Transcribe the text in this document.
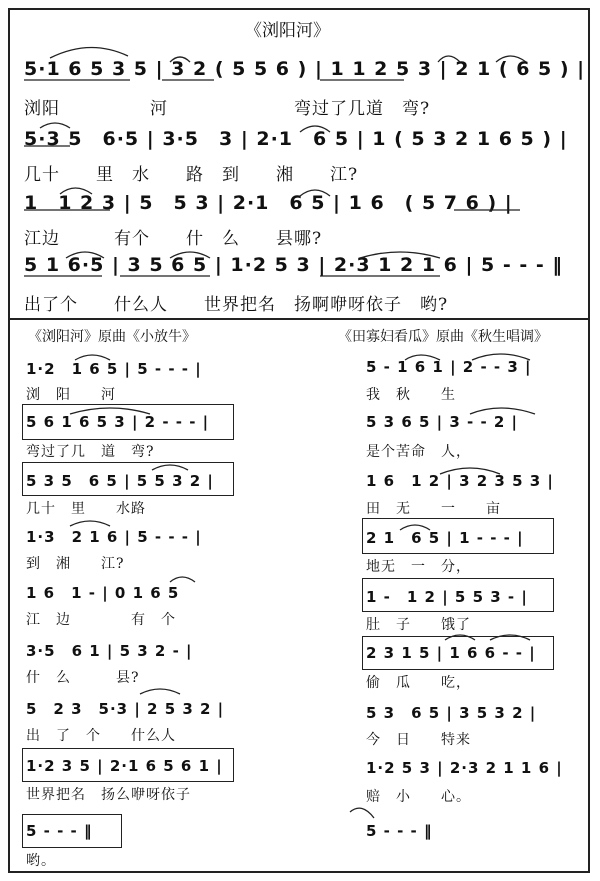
《浏阳河》
5·1 6 5 3 5 | 3 2 ( 5 5 6 ) | 1 1 2 5 3 | 2 1 ( 6 5 ) |
浏阳　　　　　河　　　　　　　弯过了几道　弯?
5·3 5　6·5 | 3·5　3 | 2·1　6 5 | 1 ( 5 3 2 1 6 5 ) |
几十　　里　水　　路　到　　湘　　江?
1　1 2 3 | 5　5 3 | 2·1　6 5 | 1 6　( 5 7 6 ) |
江边　　　有个　　什　么　　县哪?
5 1 6·5 | 3 5 6 5 | 1·2 5 3 | 2·3 1 2 1 6 | 5 - - - ‖
出了个　　什么人　　世界把名　扬啊咿呀依子　哟?
《浏阳河》原曲《小放牛》	《田寡妇看瓜》原曲《秋生唱调》
1·2　1 6 5 | 5 - - - |
浏　阳　　河
5 6 1 6 5 3 | 2 - - - |
弯过了几　道　弯?
5 3 5　6 5 | 5 5 3 2 |
几十　里　　水路
1·3　2 1 6 | 5 - - - |
到　湘　　江?
1 6　1 - | 0 1 6 5
江　边　　　　有　个
3·5　6 1 | 5 3 2 - |
什　么　　　县?
5　2 3　5·3 | 2 5 3 2 |
出　了　个　　什么人
1·2 3 5 | 2·1 6 5 6 1 |
世界把名　扬么咿呀依子
5 - - - ‖
哟。
5 - 1 6 1 | 2 - - 3 |
我　秋　　生
5 3 6 5 | 3 - - 2 |
是个苦命　人，
1 6　1 2 | 3 2 3 5 3 |
田　无　　一　　亩
2 1　6 5 | 1 - - - |
地无　一　分，
1 -　1 2 | 5 5 3 - |
肚　子　　饿了
2 3 1 5 | 1 6 6 - - |
偷　瓜　　吃，
5 3　6 5 | 3 5 3 2 |
今　日　　特来
1·2 5 3 | 2·3 2 1 1 6 |
赔　小　　心。
5 - - - ‖
